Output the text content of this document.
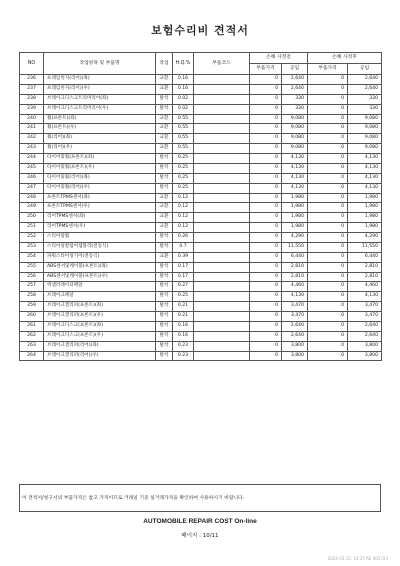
보험수리비 견적서
NO	작업항목 및 부품명	작업	H.Q.%	부품코드	손해 사정전		손해 사정후	
					부품가격	공임	부품가격	공임
236	프레임힌지(리어)(좌)	교환	0.16		0	2,640	0	2,640
237	프레임힌지(리어)(우)	교환	0.16		0	2,640	0	2,640
238	브레이크디스크트리머리어(좌)	탈착	0.02		0	330	0	330
239	브레이크디스크트리머리어(우)	탈착	0.02		0	330	0	330
240	휠(프론트)(좌)	교환	0.55		0	9,080	0	9,080
241	휠(프론트)(우)	교환	0.55		0	9,080	0	9,080
242	휠(리어)(좌)	교환	0.55		0	9,080	0	9,080
243	휠(리어)(우)	교환	0.55		0	9,080	0	9,080
244	타이어및휠(프론트)(좌)	탈착	0.25		0	4,130	0	4,130
245	타이어및휠(프론트)(우)	탈착	0.25		0	4,130	0	4,130
246	타이어및휠(리어)(좌)	탈착	0.25		0	4,130	0	4,130
247	타이어및휠(리어)(우)	탈착	0.25		0	4,130	0	4,130
248	프론트TPMS센서(좌)	교환	0.12		0	1,980	0	1,980
249	프론트TPMS센서(우)	교환	0.12		0	1,980	0	1,980
250	리어TPMS센서(좌)	교환	0.12		0	1,980	0	1,980
251	리어TPMS센서(우)	교환	0.12		0	1,980	0	1,980
252	스티어링휠	탈착	0.26		0	4,290	0	4,290
253	스티어링칼럼어셈블리(전동식)	탈착	0.7		0	11,550	0	11,550
254	파워스티어링기어(전동식)	교환	0.39		0	6,440	0	6,440
255	ABS센서및케이블(프론트)(좌)	탈착	0.17		0	2,810	0	2,810
256	ABS센서및케이블(프론트)(우)	탈착	0.17		0	2,810	0	2,810
257	엑셀러레이터페달	탈착	0.27		0	4,460	0	4,460
258	브레이크페달	탈착	0.25		0	4,130	0	4,130
259	브레이크캘리퍼(프론트)(좌)	탈착	0.21		0	3,470	0	3,470
260	브레이크캘리퍼(프론트)(우)	탈착	0.21		0	3,470	0	3,470
261	브레이크디스크(프론트)(좌)	탈착	0.16		0	2,640	0	2,640
262	브레이크디스크(프론트)(우)	탈착	0.16		0	2,640	0	2,640
263	브레이크캘리퍼(리어)(좌)	탈착	0.23		0	3,800	0	3,800
264	브레이크캘리퍼(리어)(우)	탈착	0.23		0	3,800	0	3,800
이 견적서/청구서의 부품가격은 참고 가격이므로 거래일 기준 실거래가격을 확인하여 사용하시기 바랍니다.
AUTOMOBILE REPAIR COST On-line
페이지 : 10/11
2024-03-15, 10:37 AE 401723
